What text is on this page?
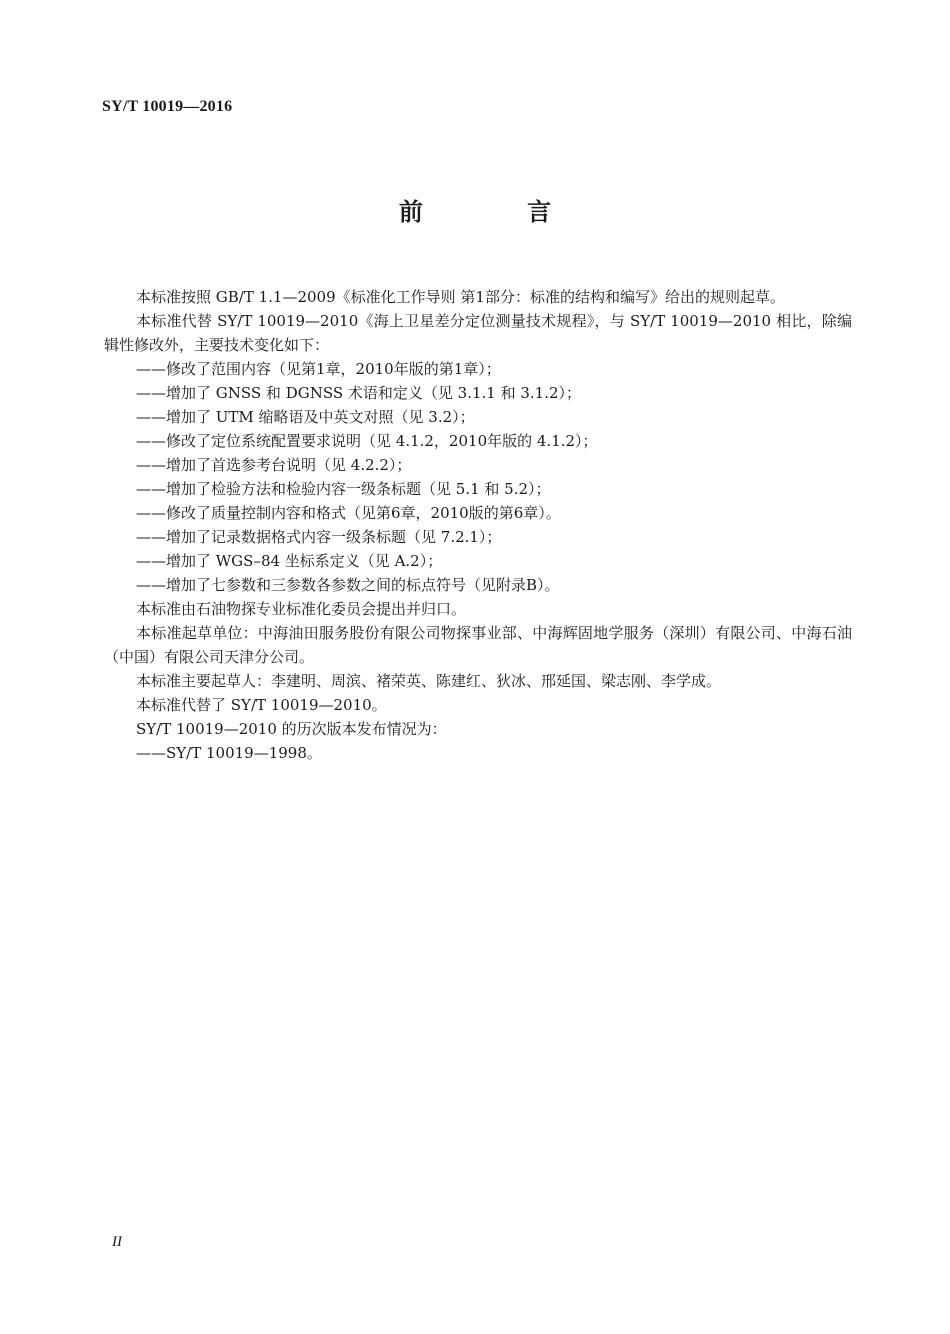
SY/T 10019—2016
前 言

本标准按照 GB/T 1.1—2009《标准化工作导则 第1部分：标准的结构和编写》给出的规则起草。

本标准代替 SY/T 10019—2010《海上卫星差分定位测量技术规程》，与 SY/T 10019—2010 相比，除编辑性修改外，主要技术变化如下：

——修改了范围内容（见第1章，2010年版的第1章）；

——增加了 GNSS 和 DGNSS 术语和定义（见 3.1.1 和 3.1.2）；

——增加了 UTM 缩略语及中英文对照（见 3.2）；

——修改了定位系统配置要求说明（见 4.1.2，2010年版的 4.1.2）；

——增加了首选参考台说明（见 4.2.2）；

——增加了检验方法和检验内容一级条标题（见 5.1 和 5.2）；

——修改了质量控制内容和格式（见第6章，2010版的第6章）。

——增加了记录数据格式内容一级条标题（见 7.2.1）；

——增加了 WGS–84 坐标系定义（见 A.2）；

——增加了七参数和三参数各参数之间的标点符号（见附录B）。

本标准由石油物探专业标准化委员会提出并归口。

本标准起草单位：中海油田服务股份有限公司物探事业部、中海辉固地学服务（深圳）有限公司、中海石油（中国）有限公司天津分公司。

本标准主要起草人：李建明、周滨、褚荣英、陈建红、狄冰、邢延国、梁志刚、李学成。

本标准代替了 SY/T 10019—2010。

SY/T 10019—2010 的历次版本发布情况为：

——SY/T 10019—1998。

II
